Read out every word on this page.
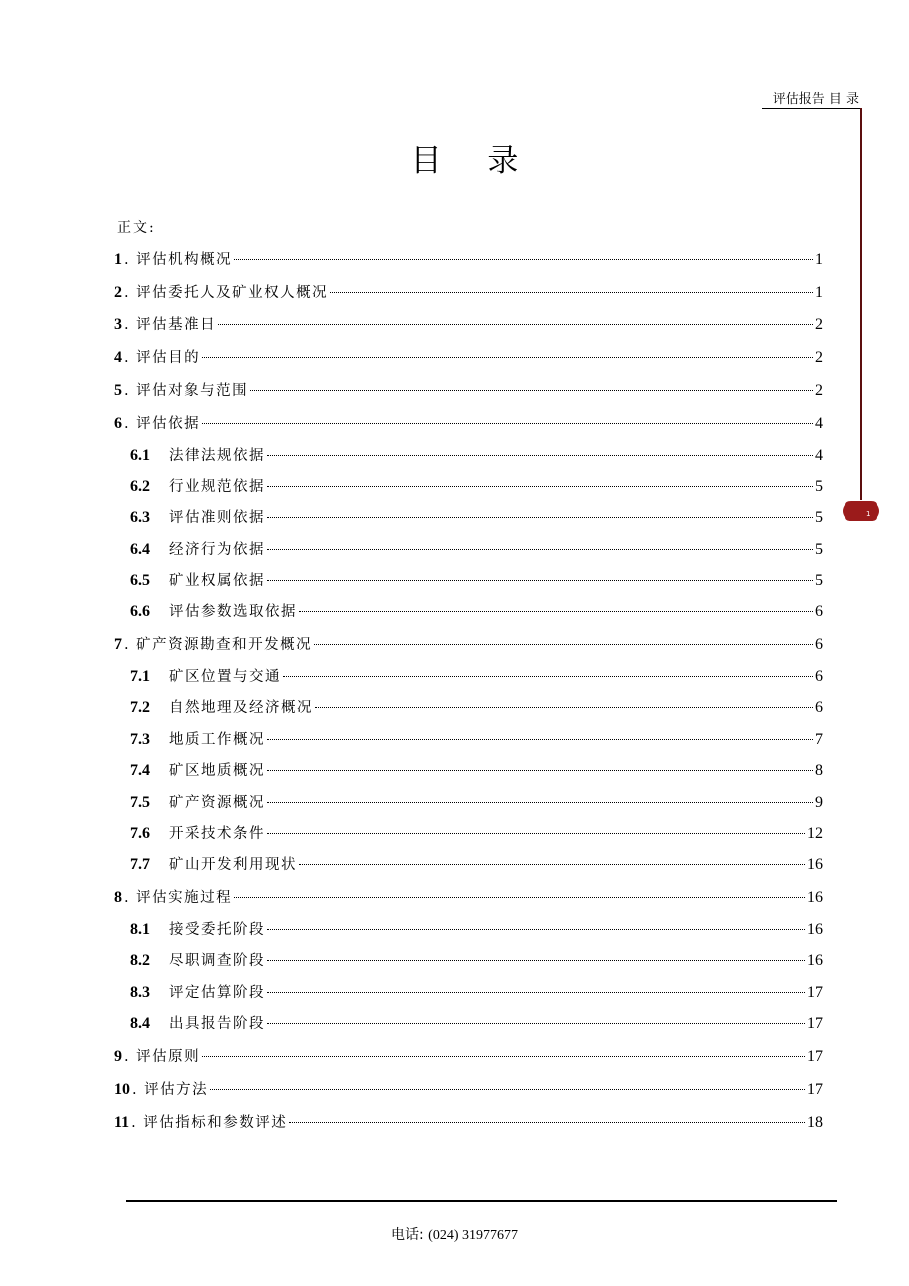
评估报告 目 录
1
目 录
正文:
1 . 评估机构概况	1
2 . 评估委托人及矿业权人概况	1
3 . 评估基准日	2
4 . 评估目的	2
5 . 评估对象与范围	2
6 . 评估依据	4
6.1	法律法规依据	4
6.2	行业规范依据	5
6.3	评估准则依据	5
6.4	经济行为依据	5
6.5	矿业权属依据	5
6.6	评估参数选取依据	6
7 . 矿产资源勘查和开发概况	6
7.1	矿区位置与交通	6
7.2	自然地理及经济概况	6
7.3	地质工作概况	7
7.4	矿区地质概况	8
7.5	矿产资源概况	9
7.6	开采技术条件	12
7.7	矿山开发利用现状	16
8 . 评估实施过程	16
8.1	接受委托阶段	16
8.2	尽职调查阶段	16
8.3	评定估算阶段	17
8.4	出具报告阶段	17
9 . 评估原则	17
10 . 评估方法	17
11 . 评估指标和参数评述	18
电话: (024) 31977677
